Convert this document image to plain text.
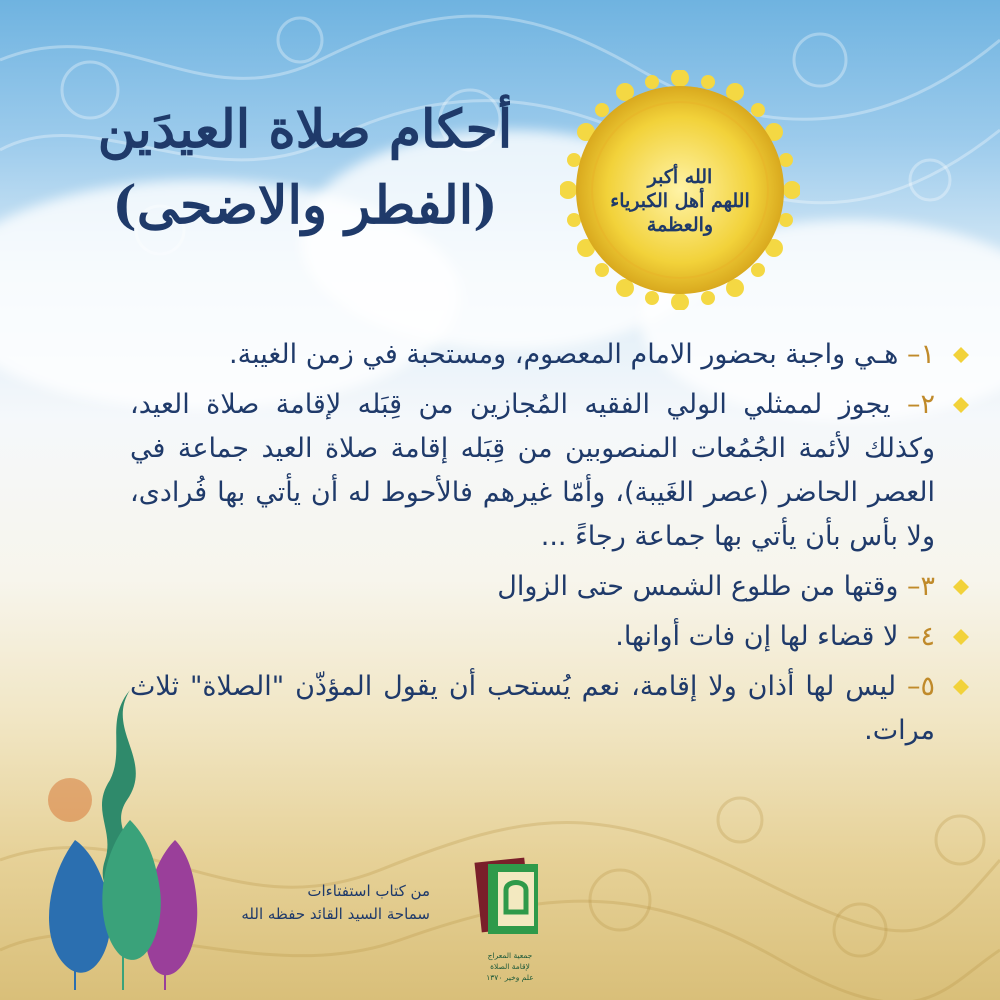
أحكام صلاة العيدَين
(الفطر والاضحى)	الله أكبر
اللهم أهل الكبرياء والعظمة
١– هـي واجبة بحضور الامام المعصوم، ومستحبة في زمن الغيبة.
٢– يجوز لممثلي الولي الفقيه المُجازين من قِبَله لإقامة صلاة العيد، وكذلك لأئمة الجُمُعات المنصوبين من قِبَله إقامة صلاة العيد جماعة في العصر الحاضر (عصر الغَيبة)، وأمّا غيرهم فالأحوط له أن يأتي بها فُرادى، ولا بأس بأن يأتي بها جماعة رجاءً ...
٣– وقتها من طلوع الشمس حتى الزوال
٤– لا قضاء لها إن فات أوانها.
٥– ليس لها أذان ولا إقامة، نعم يُستحب أن يقول المؤذّن "الصلاة" ثلاث مرات.
من كتاب استفتاءات
سماحة السيد القائد حفظه الله
جمعية المعراج
لإقامة الصلاة
علم وخير ١٣٧٠
